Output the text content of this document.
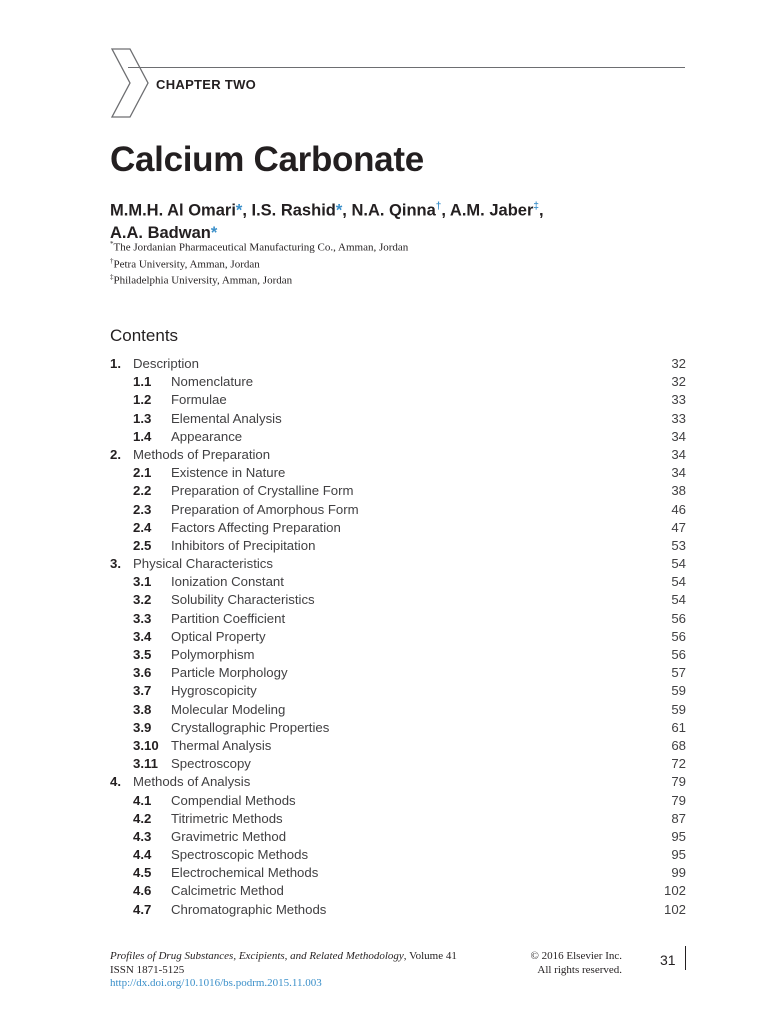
CHAPTER TWO
Calcium Carbonate
M.M.H. Al Omari*, I.S. Rashid*, N.A. Qinna†, A.M. Jaber‡,
A.A. Badwan*
*The Jordanian Pharmaceutical Manufacturing Co., Amman, Jordan
†Petra University, Amman, Jordan
‡Philadelphia University, Amman, Jordan
Contents
1. Description	32
1.1 Nomenclature	32
1.2 Formulae	33
1.3 Elemental Analysis	33
1.4 Appearance	34
2. Methods of Preparation	34
2.1 Existence in Nature	34
2.2 Preparation of Crystalline Form	38
2.3 Preparation of Amorphous Form	46
2.4 Factors Affecting Preparation	47
2.5 Inhibitors of Precipitation	53
3. Physical Characteristics	54
3.1 Ionization Constant	54
3.2 Solubility Characteristics	54
3.3 Partition Coefficient	56
3.4 Optical Property	56
3.5 Polymorphism	56
3.6 Particle Morphology	57
3.7 Hygroscopicity	59
3.8 Molecular Modeling	59
3.9 Crystallographic Properties	61
3.10 Thermal Analysis	68
3.11 Spectroscopy	72
4. Methods of Analysis	79
4.1 Compendial Methods	79
4.2 Titrimetric Methods	87
4.3 Gravimetric Method	95
4.4 Spectroscopic Methods	95
4.5 Electrochemical Methods	99
4.6 Calcimetric Method	102
4.7 Chromatographic Methods	102
Profiles of Drug Substances, Excipients, and Related Methodology, Volume 41
ISSN 1871-5125
http://dx.doi.org/10.1016/bs.podrm.2015.11.003
© 2016 Elsevier Inc.
All rights reserved.
31
